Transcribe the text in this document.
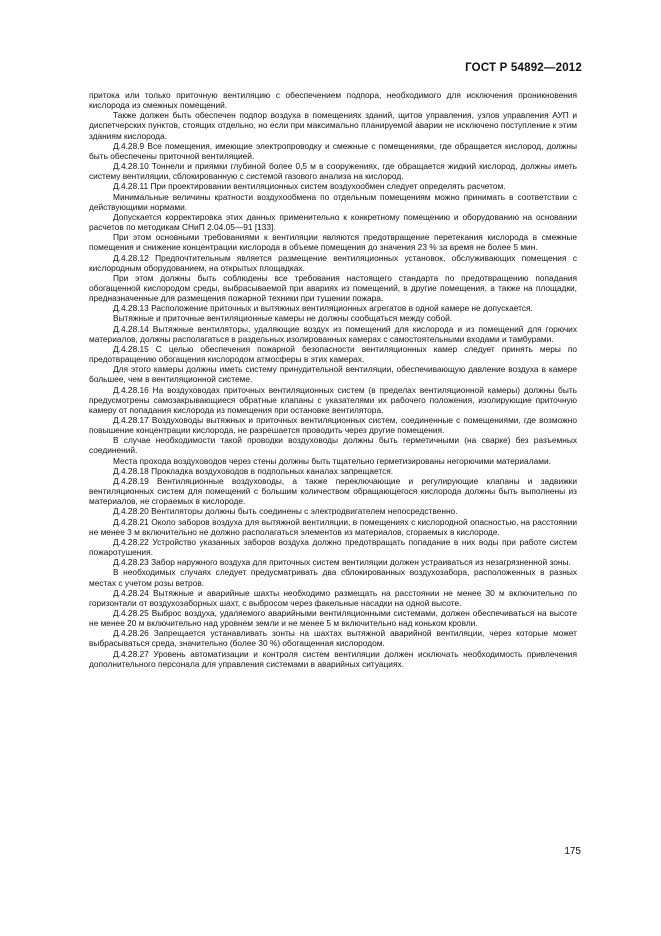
ГОСТ Р 54892—2012

притока или только приточную вентиляцию с обеспечением подпора, необходимого для исключения проникновения кислорода из смежных помещений.

Также должен быть обеспечен подпор воздуха в помещениях зданий, щитов управления, узлов управления АУП и диспетчерских пунктов, стоящих отдельно, но если при максимально планируемой аварии не исключено поступление к этим зданиям кислорода.

Д.4.28.9 Все помещения, имеющие электропроводку и смежные с помещениями, где обращается кислород, должны быть обеспечены приточной вентиляцией.

Д.4.28.10 Тоннели и приямки глубиной более 0,5 м в сооружениях, где обращается жидкий кислород, должны иметь систему вентиляции, сблокированную с системой газового анализа на кислород.

Д.4.28.11 При проектировании вентиляционных систем воздухообмен следует определять расчетом.

Минимальные величины кратности воздухообмена по отдельным помещениям можно принимать в соответствии с действующими нормами.

Допускается корректировка этих данных применительно к конкретному помещению и оборудованию на основании расчетов по методикам СНиП 2.04.05—91 [133].

При этом основными требованиями к вентиляции являются предотвращение перетекания кислорода в смежные помещения и снижение концентрации кислорода в объеме помещения до значения 23 % за время не более 5 мин.

Д.4.28.12 Предпочтительным является размещение вентиляционных установок, обслуживающих помещения с кислородным оборудованием, на открытых площадках.

При этом должны быть соблюдены все требования настоящего стандарта по предотвращению попадания обогащенной кислородом среды, выбрасываемой при авариях из помещений, в другие помещения, а также на площадки, предназначенные для размещения пожарной техники при тушении пожара.

Д.4.28.13 Расположение приточных и вытяжных вентиляционных агрегатов в одной камере не допускается.

Вытяжные и приточные вентиляционные камеры не должны сообщаться между собой.

Д.4.28.14 Вытяжные вентиляторы, удаляющие воздух из помещений для кислорода и из помещений для горючих материалов, должны располагаться в раздельных изолированных камерах с самостоятельными входами и тамбурами.

Д.4.28.15 С целью обеспечения пожарной безопасности вентиляционных камер следует принять меры по предотвращению обогащения кислородом атмосферы в этих камерах.

Для этого камеры должны иметь систему принудительной вентиляции, обеспечивающую давление воздуха в камере большее, чем в вентиляционной системе.

Д.4.28.16 На воздуховодах приточных вентиляционных систем (в пределах вентиляционной камеры) должны быть предусмотрены самозакрывающиеся обратные клапаны с указателями их рабочего положения, изолирующие приточную камеру от попадания кислорода из помещения при остановке вентилятора.

Д.4.28.17 Воздуховоды вытяжных и приточных вентиляционных систем, соединенные с помещениями, где возможно повышение концентрации кислорода, не разрешается проводить через другие помещения.

В случае необходимости такой проводки воздуховоды должны быть герметичными (на сварке) без разъемных соединений.

Места прохода воздуховодов через стены должны быть тщательно герметизированы негорючими материалами.

Д.4.28.18 Прокладка воздуховодов в подпольных каналах запрещается.

Д.4.28.19 Вентиляционные воздуховоды, а также переключающие и регулирующие клапаны и задвижки вентиляционных систем для помещений с большим количеством обращающегося кислорода должны быть выполнены из материалов, не сгораемых в кислороде.

Д.4.28.20 Вентиляторы должны быть соединены с электродвигателем непосредственно.

Д.4.28.21 Около заборов воздуха для вытяжной вентиляции, в помещениях с кислородной опасностью, на расстоянии не менее 3 м включительно не должно располагаться элементов из материалов, сгораемых в кислороде.

Д.4.28.22 Устройство указанных заборов воздуха должно предотвращать попадание в них воды при работе систем пожаротушения.

Д.4.28.23 Забор наружного воздуха для приточных систем вентиляции должен устраиваться из незагрязненной зоны.

В необходимых случаях следует предусматривать два сблокированных воздухозабора, расположенных в разных местах с учетом розы ветров.

Д.4.28.24 Вытяжные и аварийные шахты необходимо размещать на расстоянии не менее 30 м включительно по горизонтали от воздухозаборных шахт, с выбросом через факельные насадки на одной высоте.

Д.4.28.25 Выброс воздуха, удаляемого аварийными вентиляционными системами, должен обеспечиваться на высоте не менее 20 м включительно над уровнем земли и не менее 5 м включительно над коньком кровли.

Д.4.28.26 Запрещается устанавливать зонты на шахтах вытяжной аварийной вентиляции, через которые может выбрасываться среда, значительно (более 30 %) обогащенная кислородом.

Д.4.28.27 Уровень автоматизации и контроля систем вентиляции должен исключать необходимость привлечения дополнительного персонала для управления системами в аварийных ситуациях.

175
